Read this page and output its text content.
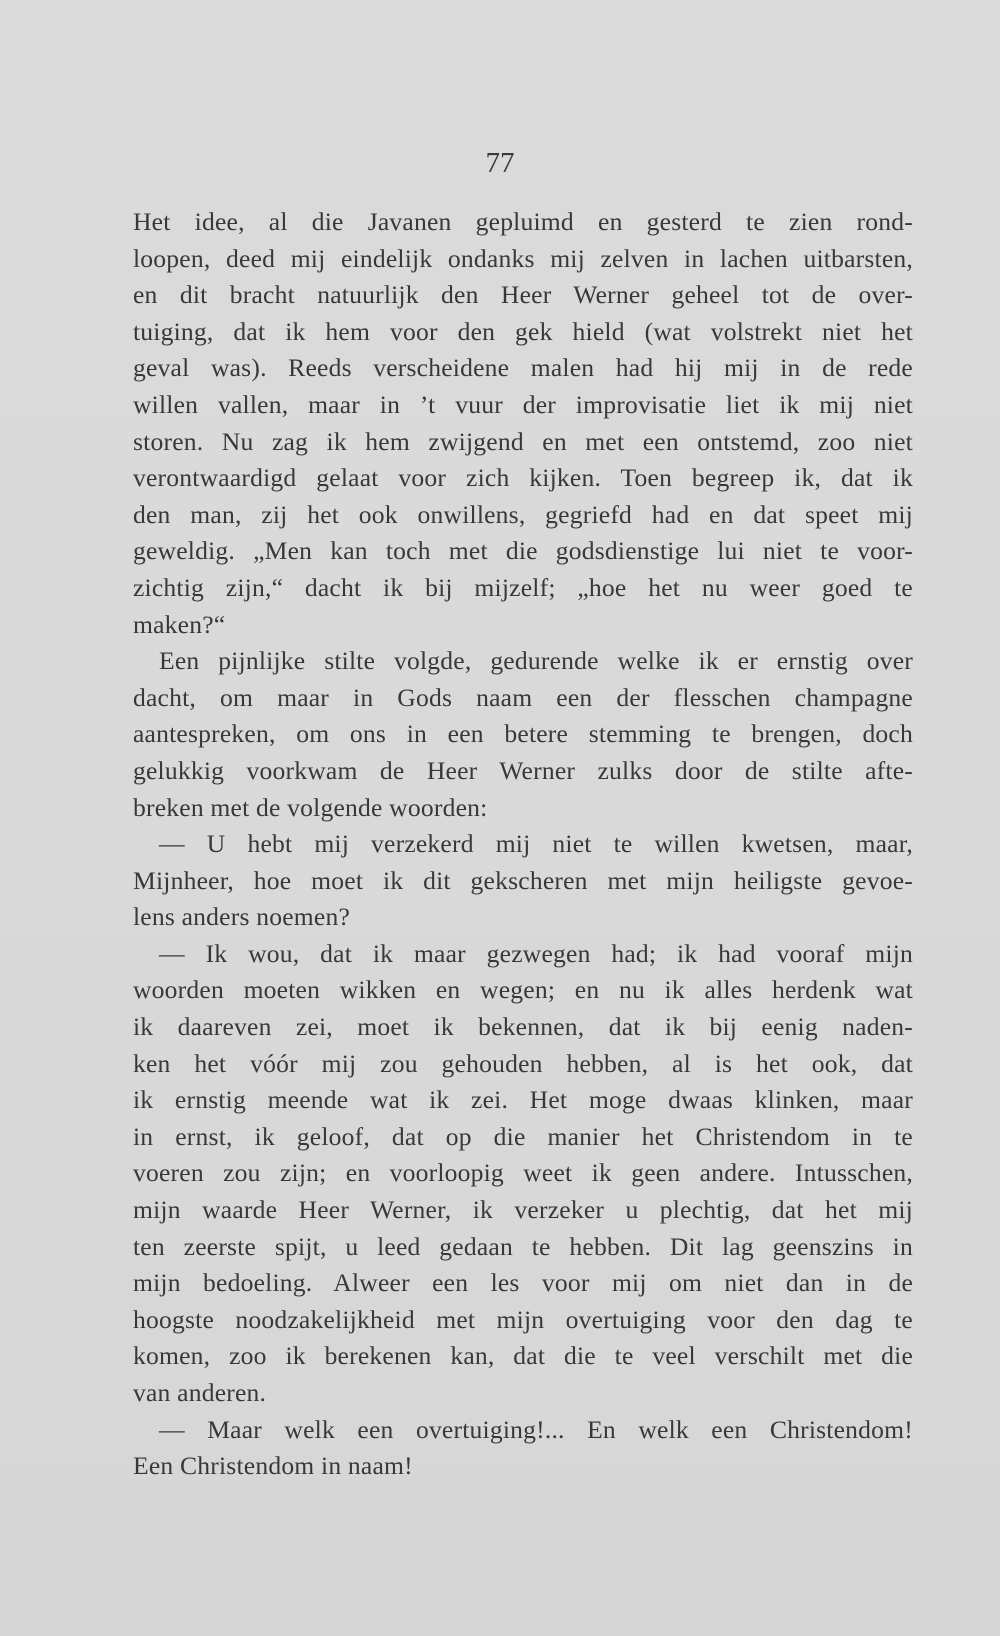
77
Het idee, al die Javanen gepluimd en gesterd te zien rond-
loopen, deed mij eindelijk ondanks mij zelven in lachen uitbarsten,
en dit bracht natuurlijk den Heer Werner geheel tot de over-
tuiging, dat ik hem voor den gek hield (wat volstrekt niet het
geval was). Reeds verscheidene malen had hij mij in de rede
willen vallen, maar in ’t vuur der improvisatie liet ik mij niet
storen. Nu zag ik hem zwijgend en met een ontstemd, zoo niet
verontwaardigd gelaat voor zich kijken. Toen begreep ik, dat ik
den man, zij het ook onwillens, gegriefd had en dat speet mij
geweldig. „Men kan toch met die godsdienstige lui niet te voor-
zichtig zijn,“ dacht ik bij mijzelf; „hoe het nu weer goed te
maken?“
Een pijnlijke stilte volgde, gedurende welke ik er ernstig over
dacht, om maar in Gods naam een der flesschen champagne
aantespreken, om ons in een betere stemming te brengen, doch
gelukkig voorkwam de Heer Werner zulks door de stilte afte-
breken met de volgende woorden:
— U hebt mij verzekerd mij niet te willen kwetsen, maar,
Mijnheer, hoe moet ik dit gekscheren met mijn heiligste gevoe-
lens anders noemen?
— Ik wou, dat ik maar gezwegen had; ik had vooraf mijn
woorden moeten wikken en wegen; en nu ik alles herdenk wat
ik daareven zei, moet ik bekennen, dat ik bij eenig naden-
ken het vóór mij zou gehouden hebben, al is het ook, dat
ik ernstig meende wat ik zei. Het moge dwaas klinken, maar
in ernst, ik geloof, dat op die manier het Christendom in te
voeren zou zijn; en voorloopig weet ik geen andere. Intusschen,
mijn waarde Heer Werner, ik verzeker u plechtig, dat het mij
ten zeerste spijt, u leed gedaan te hebben. Dit lag geenszins in
mijn bedoeling. Alweer een les voor mij om niet dan in de
hoogste noodzakelijkheid met mijn overtuiging voor den dag te
komen, zoo ik berekenen kan, dat die te veel verschilt met die
van anderen.
— Maar welk een overtuiging!... En welk een Christendom!
Een Christendom in naam!
